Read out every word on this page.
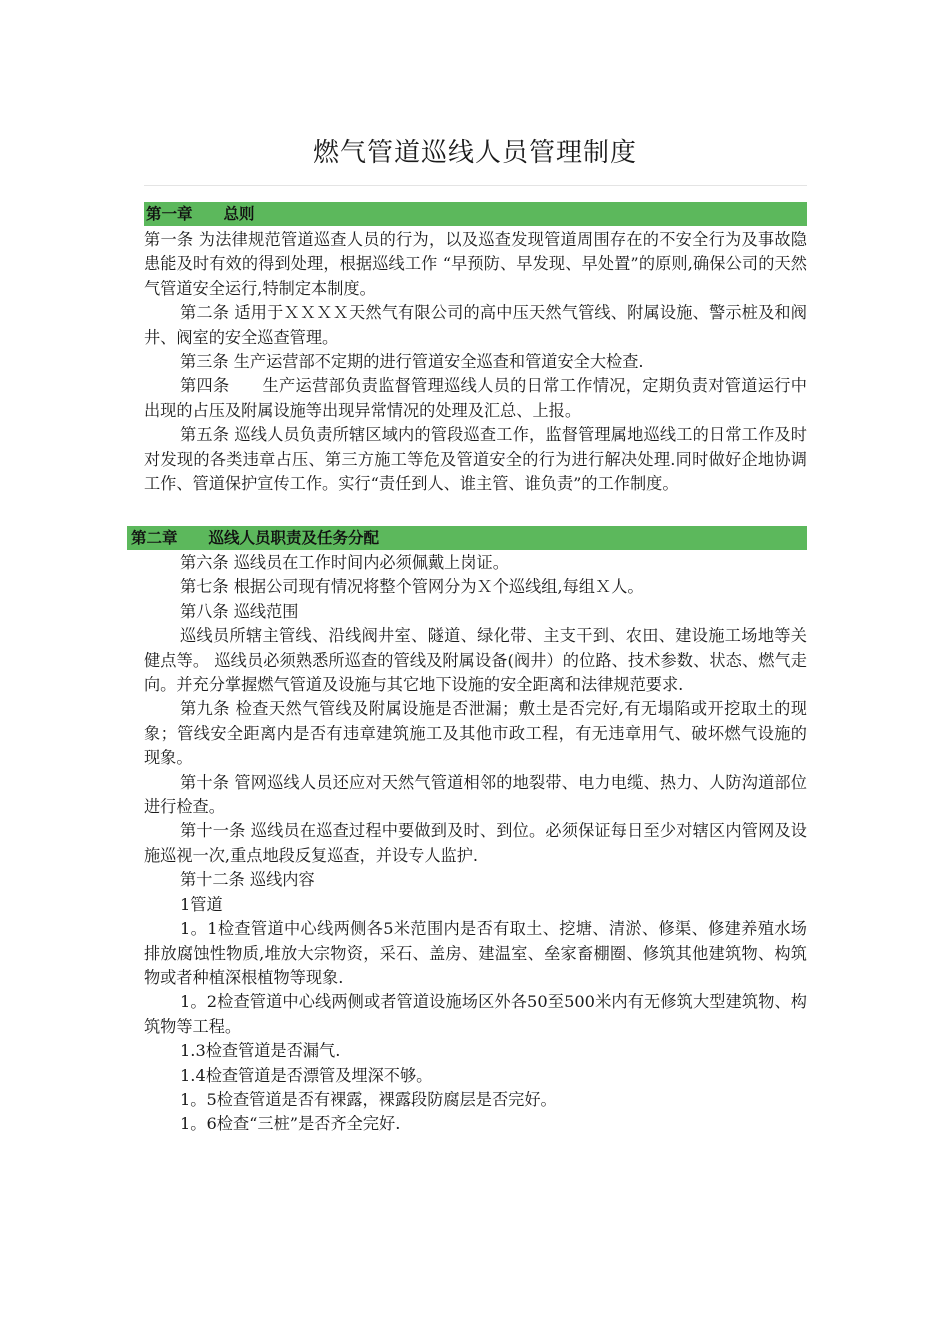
燃气管道巡线人员管理制度
第一章　　总则

第一条 为法律规范管道巡查人员的行为，以及巡查发现管道周围存在的不安全行为及事故隐患能及时有效的得到处理，根据巡线工作 “早预防、早发现、早处置”的原则,确保公司的天然气管道安全运行,特制定本制度。

第二条 适用于ＸＸＸＸ天然气有限公司的高中压天然气管线、附属设施、警示桩及和阀井、阀室的安全巡查管理。

第三条 生产运营部不定期的进行管道安全巡查和管道安全大检查.

第四条　　生产运营部负责监督管理巡线人员的日常工作情况，定期负责对管道运行中出现的占压及附属设施等出现异常情况的处理及汇总、上报。

第五条 巡线人员负责所辖区域内的管段巡查工作，监督管理属地巡线工的日常工作及时对发现的各类违章占压、第三方施工等危及管道安全的行为进行解决处理.同时做好企地协调工作、管道保护宣传工作。实行“责任到人、谁主管、谁负责”的工作制度。

第二章　　巡线人员职责及任务分配

第六条 巡线员在工作时间内必须佩戴上岗证。

第七条 根据公司现有情况将整个管网分为Ｘ个巡线组,每组Ｘ人。

第八条 巡线范围

巡线员所辖主管线、沿线阀井室、隧道、绿化带、主支干到、农田、建设施工场地等关健点等。 巡线员必须熟悉所巡查的管线及附属设备(阀井）的位路、技术参数、状态、燃气走向。并充分掌握燃气管道及设施与其它地下设施的安全距离和法律规范要求.

第九条 检查天然气管线及附属设施是否泄漏；敷土是否完好,有无塌陷或开挖取土的现象；管线安全距离内是否有违章建筑施工及其他市政工程，有无违章用气、破坏燃气设施的现象。

第十条 管网巡线人员还应对天然气管道相邻的地裂带、电力电缆、热力、人防沟道部位进行检查。

第十一条 巡线员在巡查过程中要做到及时、到位。必须保证每日至少对辖区内管网及设施巡视一次,重点地段反复巡查，并设专人监护.

第十二条 巡线内容

1管道

1。1检查管道中心线两侧各5米范围内是否有取土、挖塘、清淤、修渠、修建养殖水场排放腐蚀性物质,堆放大宗物资，采石、盖房、建温室、垒家畜棚圈、修筑其他建筑物、构筑物或者种植深根植物等现象.

1。2检查管道中心线两侧或者管道设施场区外各50至500米内有无修筑大型建筑物、构筑物等工程。

1.3检查管道是否漏气.

1.4检查管道是否漂管及埋深不够。

1。5检查管道是否有裸露，裸露段防腐层是否完好。

1。6检查“三桩”是否齐全完好.
